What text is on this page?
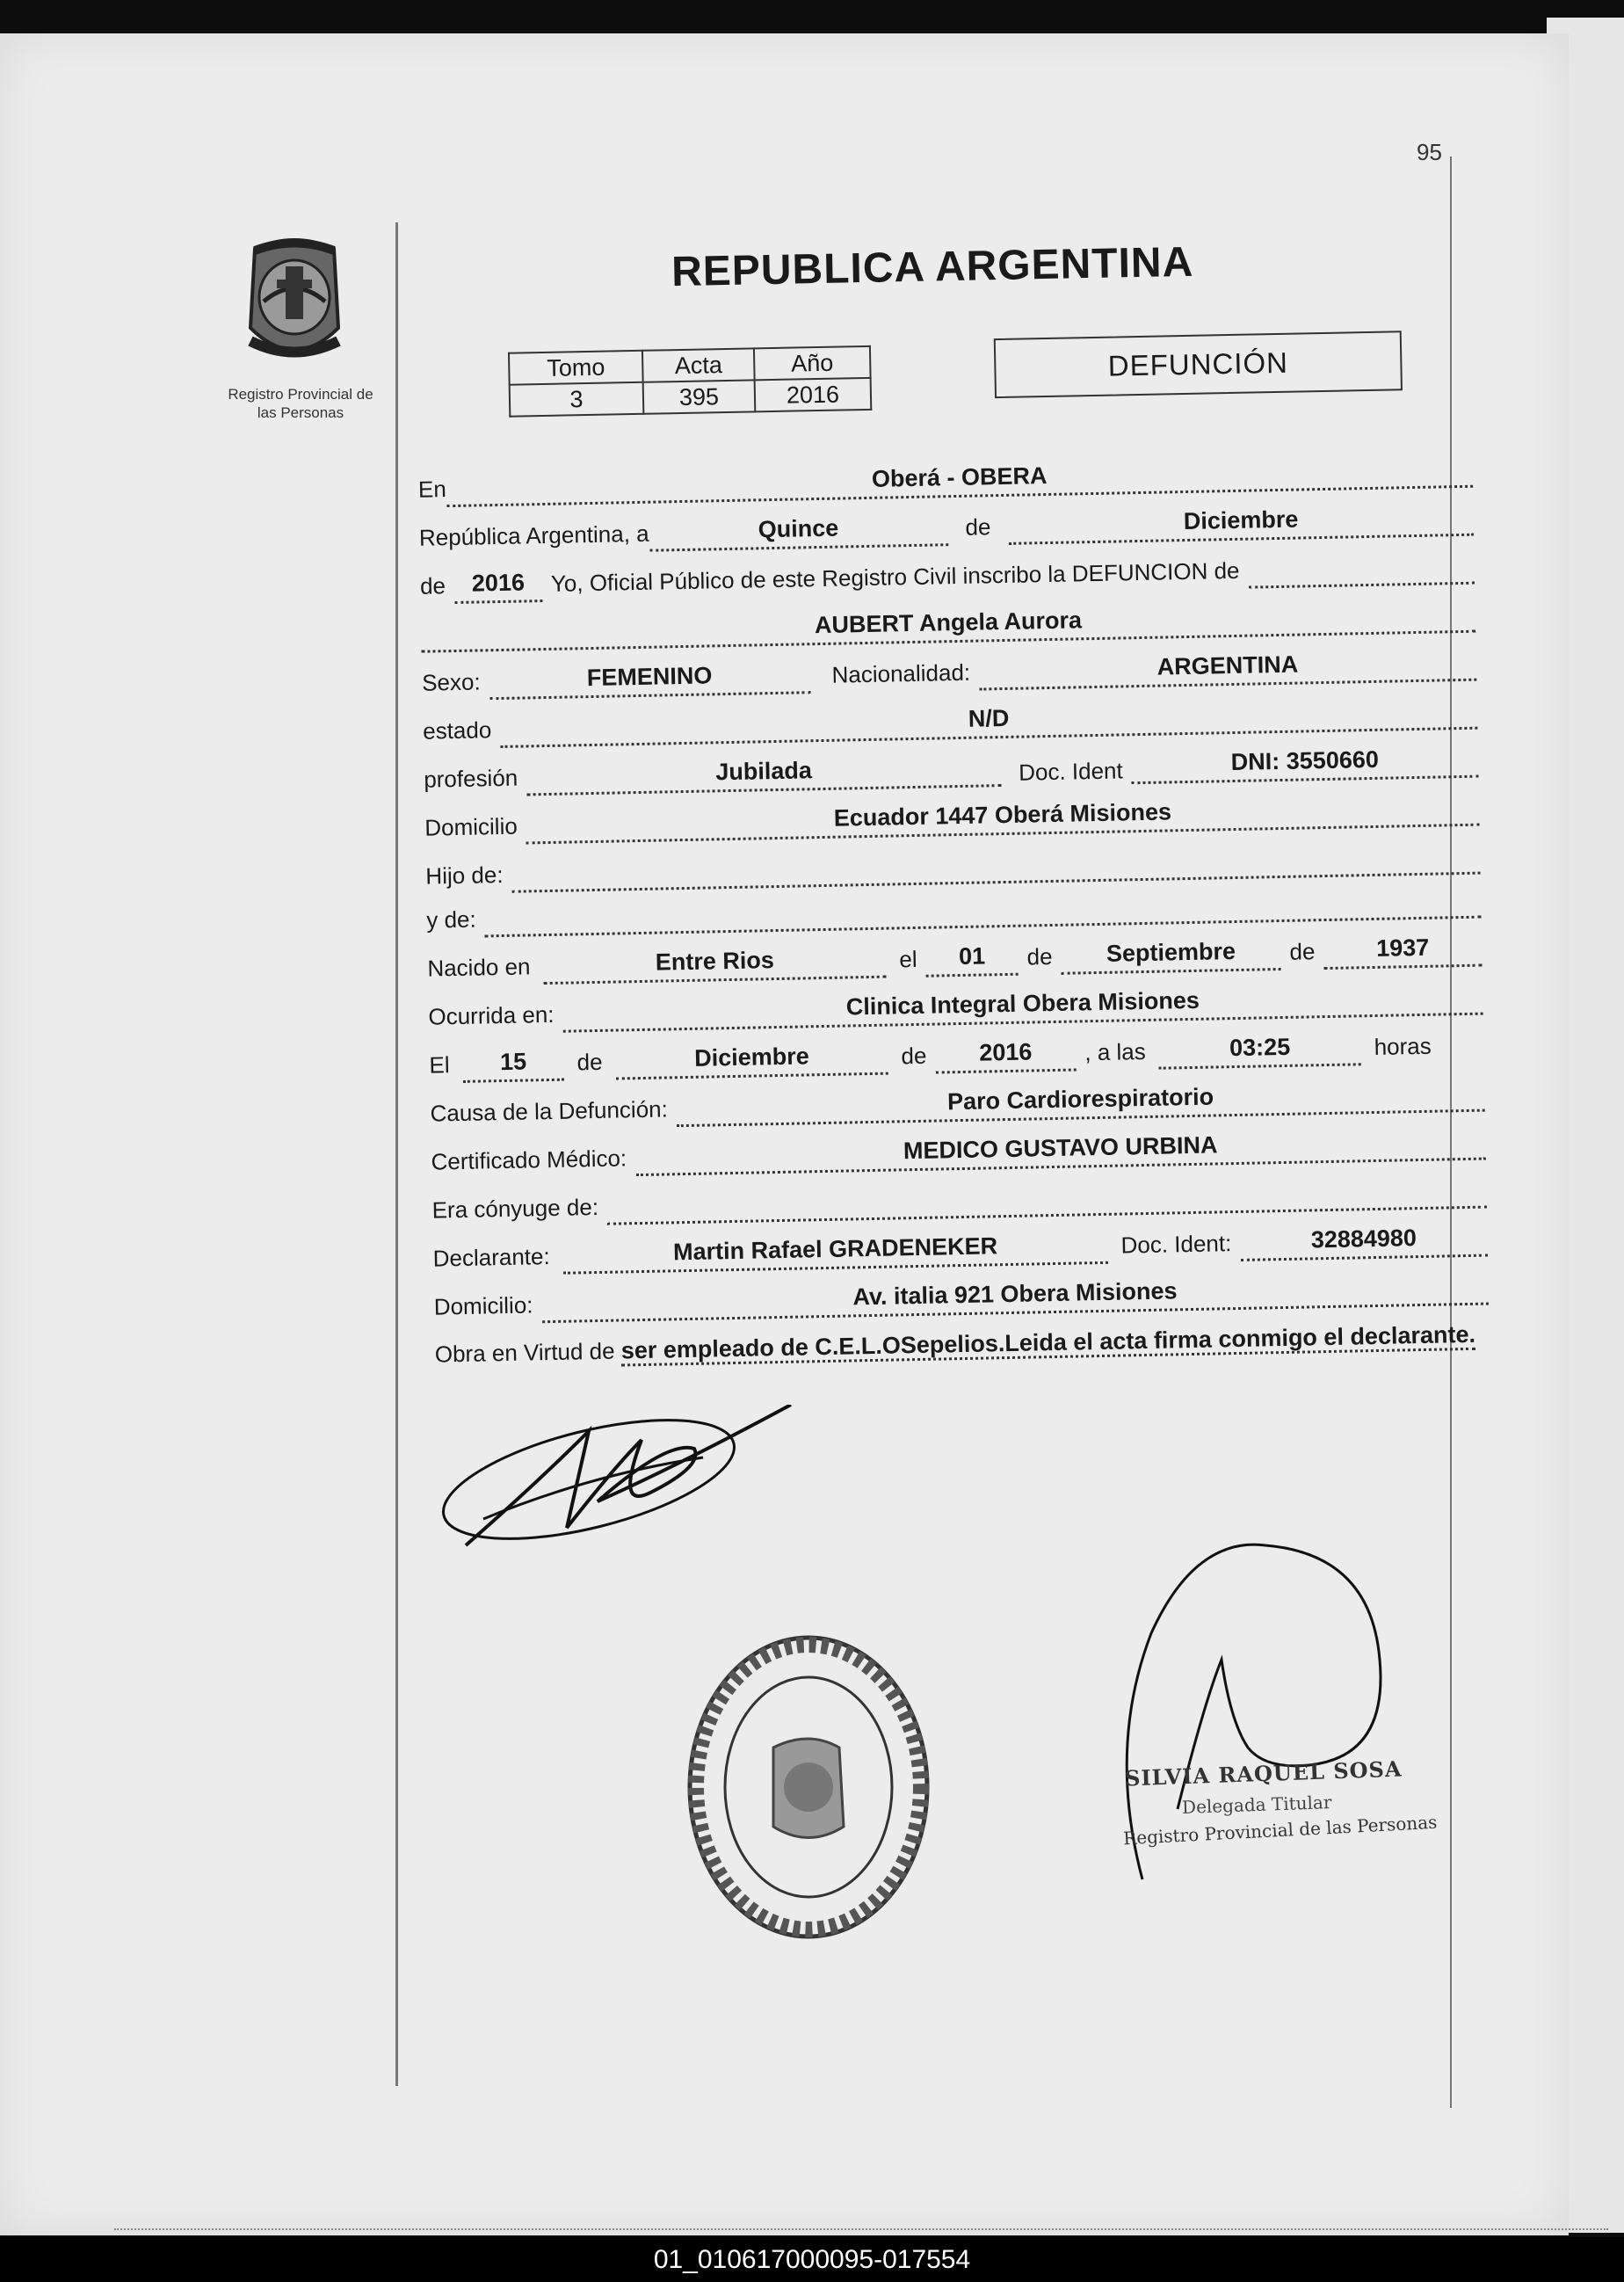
95
Registro Provincial de
las Personas
REPUBLICA ARGENTINA
Tomo	Acta	Año
3	395	2016
DEFUNCIÓN
En	Oberá - OBERA
República Argentina, a	Quince	de	Diciembre
de 2016 Yo, Oficial Público de este Registro Civil inscribo la DEFUNCION de
AUBERT Angela Aurora
Sexo:	FEMENINO	Nacionalidad:	ARGENTINA
estado	N/D
profesión	Jubilada	Doc. Ident	DNI: 3550660
Domicilio	Ecuador 1447 Oberá Misiones
Hijo de:
y de:
Nacido en	Entre Rios	el 01 de Septiembre de	1937
Ocurrida en:	Clinica Integral Obera Misiones
El 15 de	Diciembre	de 2016 , a las	03:25	horas
Causa de la Defunción:	Paro Cardiorespiratorio
Certificado Médico:	MEDICO GUSTAVO URBINA
Era cónyuge de:
Declarante:	Martin Rafael GRADENEKER	Doc. Ident:	32884980
Domicilio:	Av. italia 921 Obera Misiones
Obra en Virtud de ser empleado de C.E.L.OSepelios.Leida el acta firma conmigo el declarante.
SILVIA RAQUEL SOSA
Delegada Titular
Registro Provincial de las Personas
01_010617000095-017554
